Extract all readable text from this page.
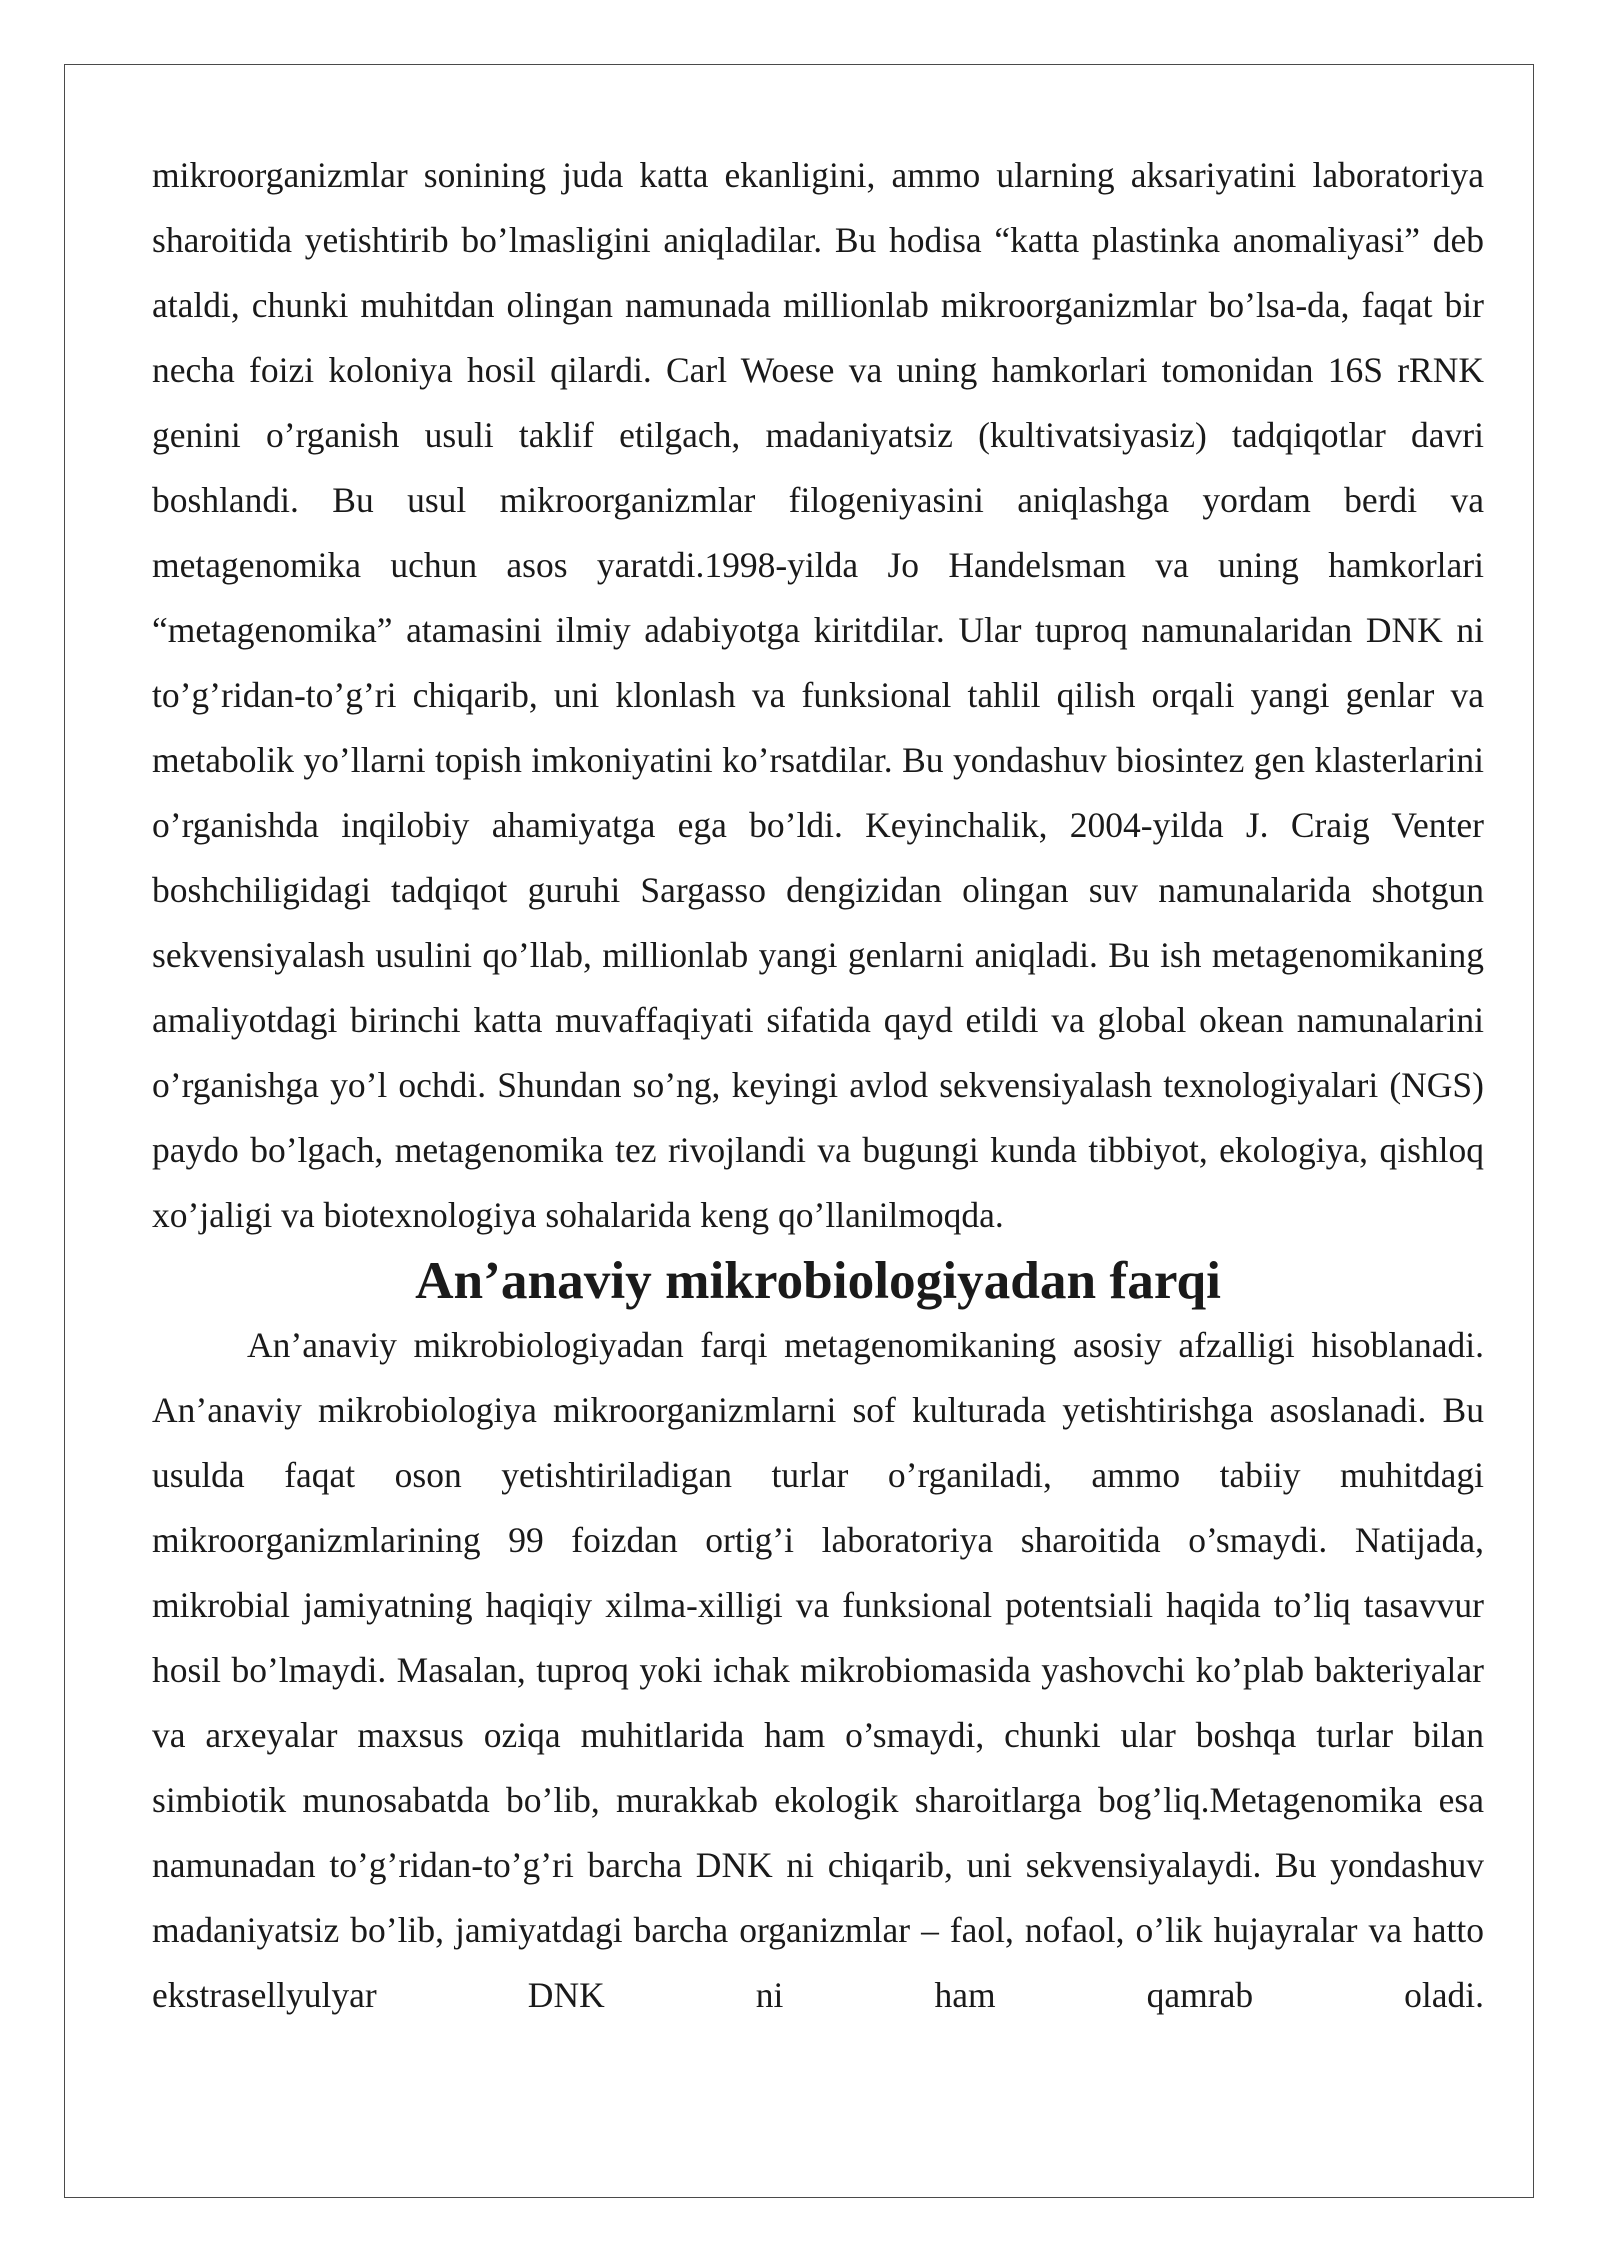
mikroorganizmlar sonining juda katta ekanligini, ammo ularning aksariyatini laboratoriya sharoitida yetishtirib bo’lmasligini aniqladilar. Bu hodisa “katta plastinka anomaliyasi” deb ataldi, chunki muhitdan olingan namunada millionlab mikroorganizmlar bo’lsa-da, faqat bir necha foizi koloniya hosil qilardi. Carl Woese va uning hamkorlari tomonidan 16S rRNK genini o’rganish usuli taklif etilgach, madaniyatsiz (kultivatsiyasiz) tadqiqotlar davri boshlandi. Bu usul mikroorganizmlar filogeniyasini aniqlashga yordam berdi va metagenomika uchun asos yaratdi.1998-yilda Jo Handelsman va uning hamkorlari “metagenomika” atamasini ilmiy adabiyotga kiritdilar. Ular tuproq namunalaridan DNK ni to’g’ridan-to’g’ri chiqarib, uni klonlash va funksional tahlil qilish orqali yangi genlar va metabolik yo’llarni topish imkoniyatini ko’rsatdilar. Bu yondashuv biosintez gen klasterlarini o’rganishda inqilobiy ahamiyatga ega bo’ldi. Keyinchalik, 2004-yilda J. Craig Venter boshchiligidagi tadqiqot guruhi Sargasso dengizidan olingan suv namunalarida shotgun sekvensiyalash usulini qo’llab, millionlab yangi genlarni aniqladi. Bu ish metagenomikaning amaliyotdagi birinchi katta muvaffaqiyati sifatida qayd etildi va global okean namunalarini o’rganishga yo’l ochdi. Shundan so’ng, keyingi avlod sekvensiyalash texnologiyalari (NGS) paydo bo’lgach, metagenomika tez rivojlandi va bugungi kunda tibbiyot, ekologiya, qishloq xo’jaligi va biotexnologiya sohalarida keng qo’llanilmoqda.

An’anaviy mikrobiologiyadan farqi

An’anaviy mikrobiologiyadan farqi metagenomikaning asosiy afzalligi hisoblanadi. An’anaviy mikrobiologiya mikroorganizmlarni sof kulturada yetishtirishga asoslanadi. Bu usulda faqat oson yetishtiriladigan turlar o’rganiladi, ammo tabiiy muhitdagi mikroorganizmlarining 99 foizdan ortig’i laboratoriya sharoitida o’smaydi. Natijada, mikrobial jamiyatning haqiqiy xilma-xilligi va funksional potentsiali haqida to’liq tasavvur hosil bo’lmaydi. Masalan, tuproq yoki ichak mikrobiomasida yashovchi ko’plab bakteriyalar va arxeyalar maxsus oziqa muhitlarida ham o’smaydi, chunki ular boshqa turlar bilan simbiotik munosabatda bo’lib, murakkab ekologik sharoitlarga bog’liq.Metagenomika esa namunadan to’g’ridan-to’g’ri barcha DNK ni chiqarib, uni sekvensiyalaydi. Bu yondashuv madaniyatsiz bo’lib, jamiyatdagi barcha organizmlar – faol, nofaol, o’lik hujayralar va hatto ekstrasellyulyar DNK ni ham qamrab oladi.
